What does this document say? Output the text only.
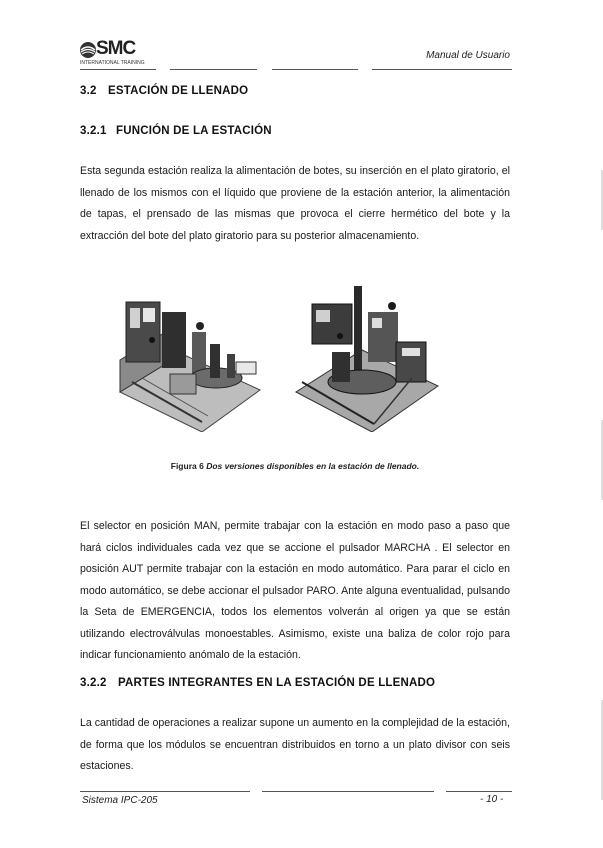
SMC
INTERNATIONAL TRAINING
Manual de Usuario
3.2 ESTACIÓN DE LLENADO
3.2.1 FUNCIÓN DE LA ESTACIÓN
Esta segunda estación realiza la alimentación de botes, su inserción en el plato giratorio, el llenado de los mismos con el líquido que proviene de la estación anterior, la alimentación de tapas, el prensado de las mismas que provoca el cierre hermético del bote y la extracción del bote del plato giratorio para su posterior almacenamiento.
Figura 6 Dos versiones disponibles en la estación de llenado.
El selector en posición MAN, permite trabajar con la estación en modo paso a paso que hará ciclos individuales cada vez que se accione el pulsador MARCHA . El selector en posición AUT permite trabajar con la estación en modo automático. Para parar el ciclo en modo automático, se debe accionar el pulsador PARO. Ante alguna eventualidad, pulsando la Seta de EMERGENCIA, todos los elementos volverán al origen ya que se están utilizando electroválvulas monoestables. Asimismo, existe una baliza de color rojo para indicar funcionamiento anómalo de la estación.
3.2.2 PARTES INTEGRANTES EN LA ESTACIÓN DE LLENADO
La cantidad de operaciones a realizar supone un aumento en la complejidad de la estación, de forma que los módulos se encuentran distribuidos en torno a un plato divisor con seis estaciones.
Sistema IPC-205	- 10 -
